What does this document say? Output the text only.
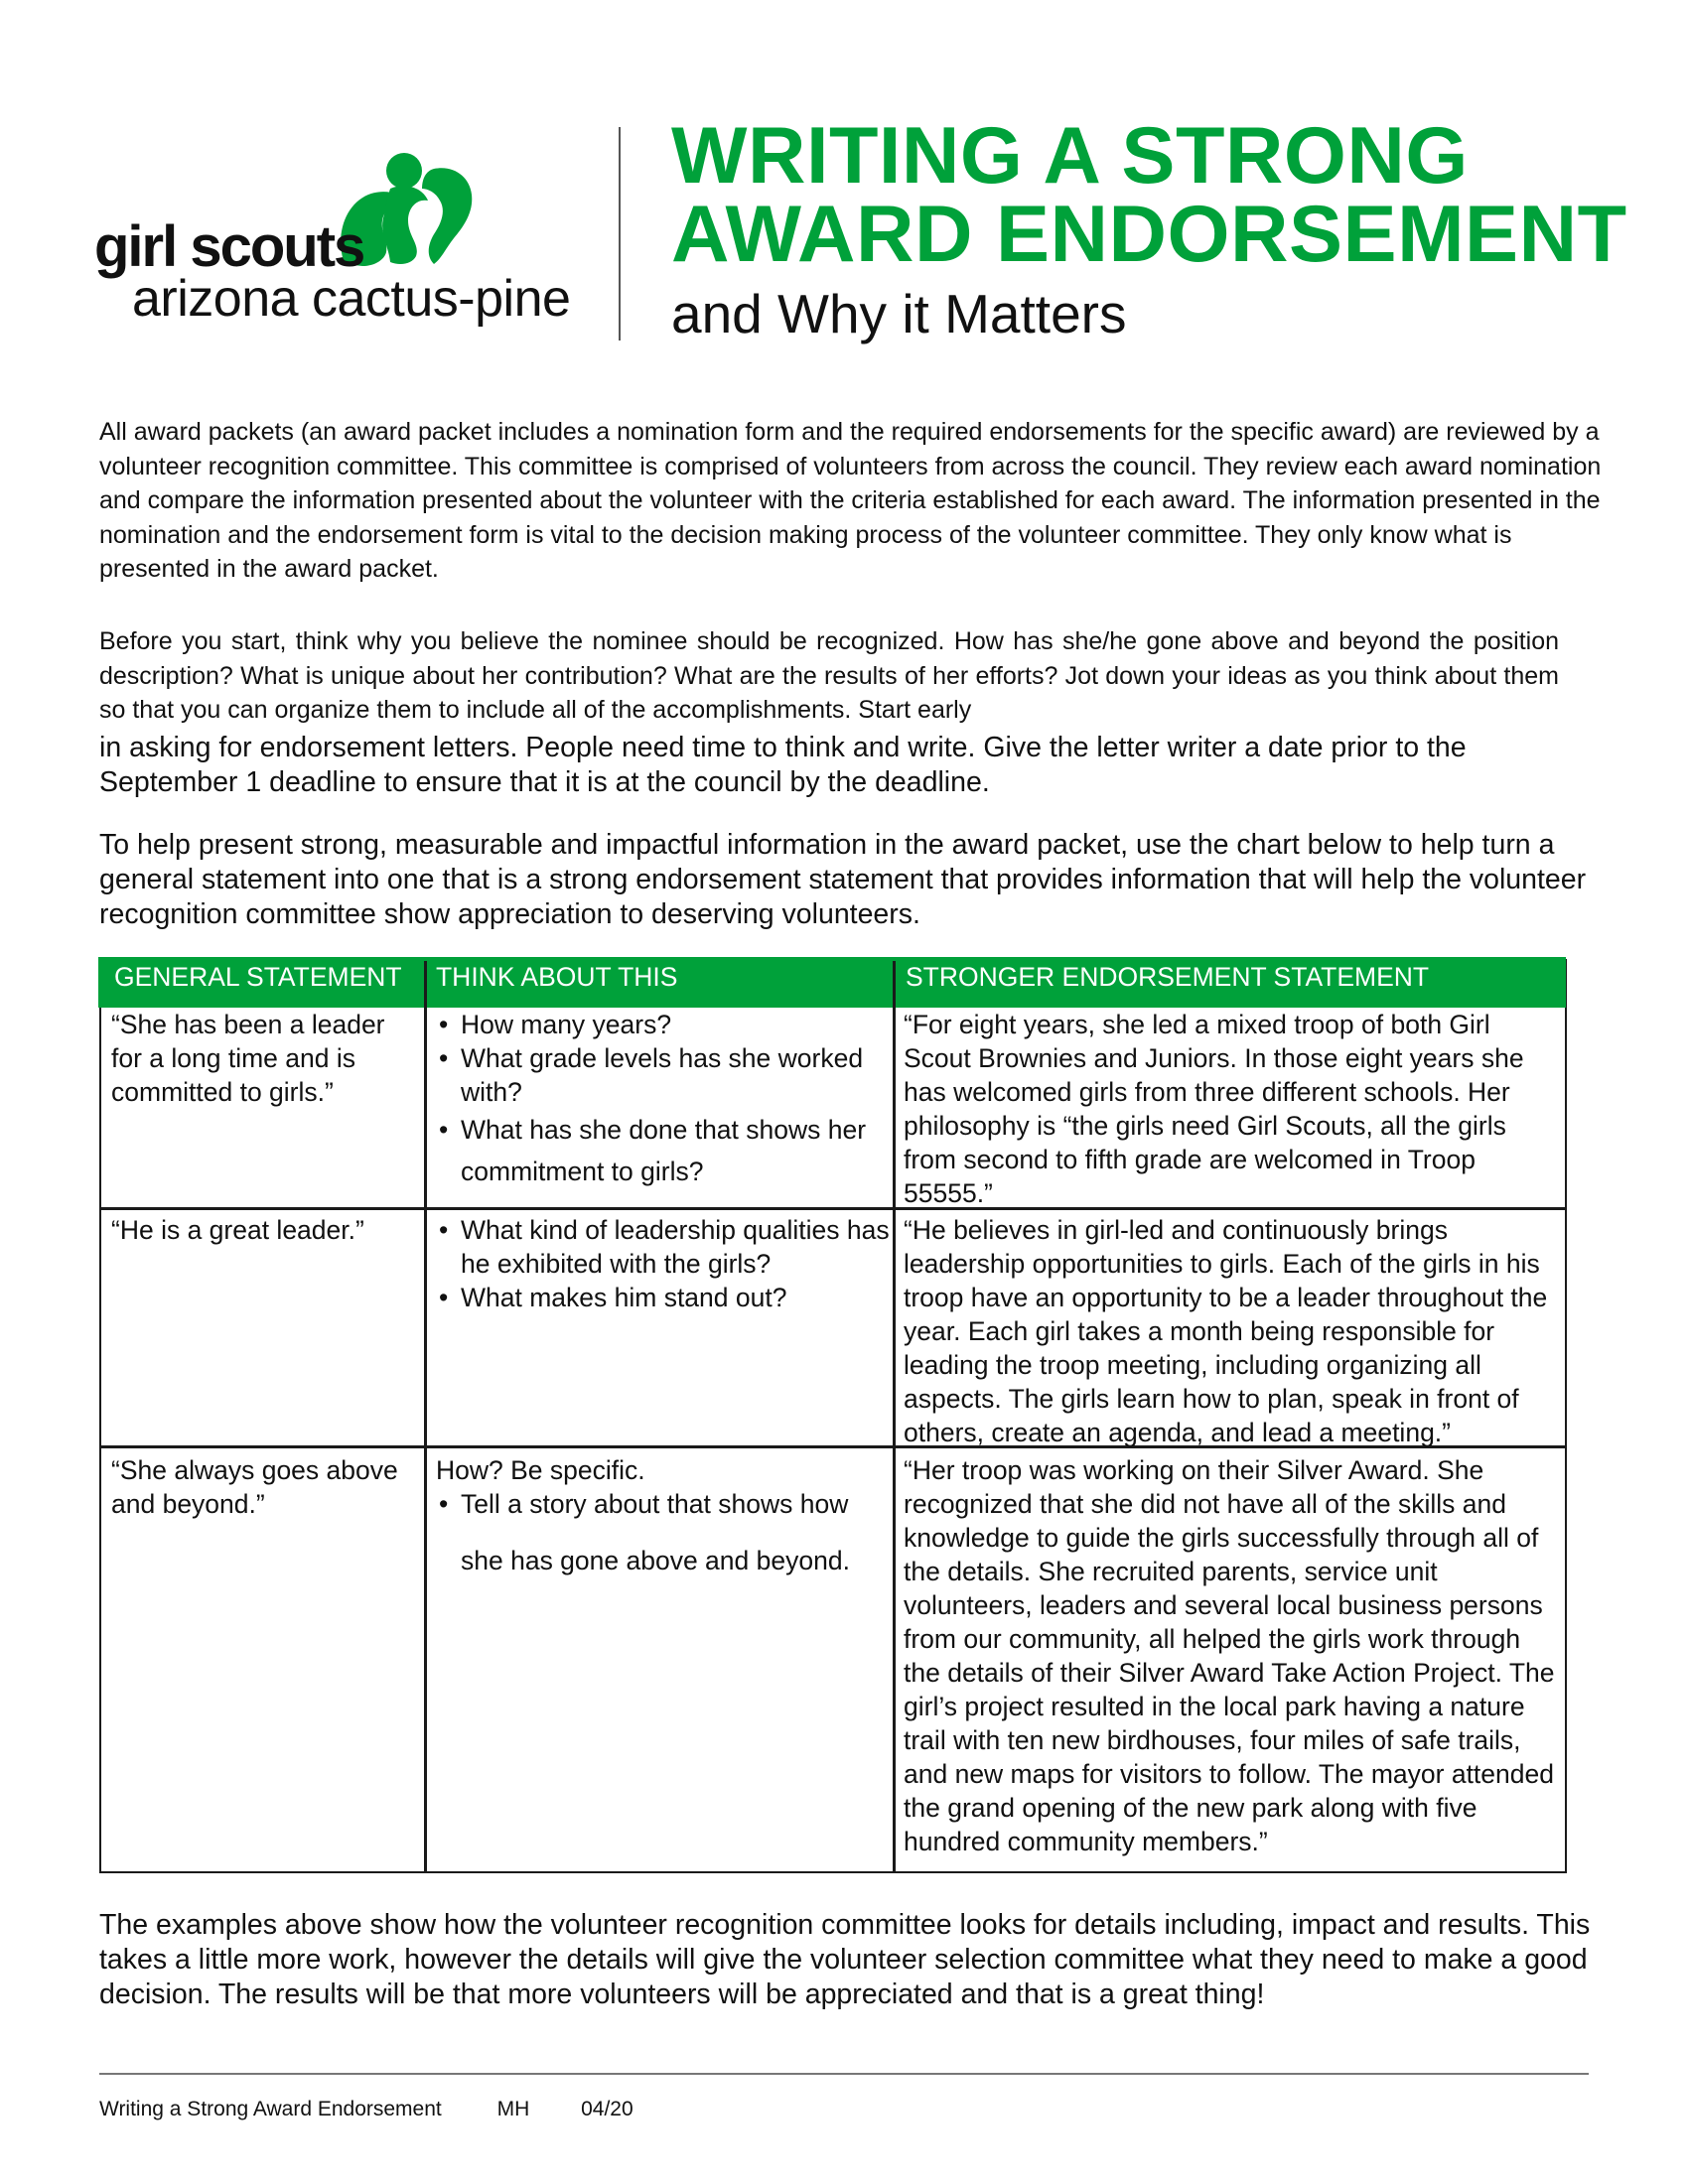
girl scouts
arizona cactus-pine
WRITING A STRONG
AWARD ENDORSEMENT
and Why it Matters

All award packets (an award packet includes a nomination form and the required endorsements for the specific award) are reviewed by a volunteer recognition committee. This committee is comprised of volunteers from across the council. They review each award nomination and compare the information presented about the volunteer with the criteria established for each award. The information presented in the nomination and the endorsement form is vital to the decision making process of the volunteer committee. They only know what is presented in the award packet.

Before you start, think why you believe the nominee should be recognized. How has she/he gone above and beyond the position description? What is unique about her contribution? What are the results of her efforts? Jot down your ideas as you think about them so that you can organize them to include all of the accomplishments. Start early

in asking for endorsement letters. People need time to think and write. Give the letter writer a date prior to the September 1 deadline to ensure that it is at the council by the deadline.

To help present strong, measurable and impactful information in the award packet, use the chart below to help turn a general statement into one that is a strong endorsement statement that provides information that will help the volunteer recognition committee show appreciation to deserving volunteers.

GENERAL STATEMENT	THINK ABOUT THIS	STRONGER ENDORSEMENT STATEMENT
“She has been a leader for a long time and is committed to girls.”
• How many years?
• What grade levels has she worked with?
• What has she done that shows her commitment to girls?
“For eight years, she led a mixed troop of both Girl Scout Brownies and Juniors. In those eight years she has welcomed girls from three different schools. Her philosophy is “the girls need Girl Scouts, all the girls from second to fifth grade are welcomed in Troop 55555.”
“He is a great leader.”
•	What kind of leadership qualities has he exhibited with the girls?
• What makes him stand out?
“He believes in girl-led and continuously brings leadership opportunities to girls. Each of the girls in his troop have an opportunity to be a leader throughout the year. Each girl takes a month being responsible for leading the troop meeting, including organizing all aspects. The girls learn how to plan, speak in front of others, create an agenda, and lead a meeting.”
“She always goes above and beyond.”
How? Be specific.
• Tell a story about that shows how she has gone above and beyond.
“Her troop was working on their Silver Award. She recognized that she did not have all of the skills and knowledge to guide the girls successfully through all of the details. She recruited parents, service unit volunteers, leaders and several local business persons from our community, all helped the girls work through the details of their Silver Award Take Action Project. The girl’s project resulted in the local park having a nature trail with ten new birdhouses, four miles of safe trails, and new maps for visitors to follow. The mayor attended the grand opening of the new park along with five hundred community members.”

The examples above show how the volunteer recognition committee looks for details including, impact and results. This takes a little more work, however the details will give the volunteer selection committee what they need to make a good decision. The results will be that more volunteers will be appreciated and that is a great thing!

Writing a Strong Award Endorsement	MH 04/20
